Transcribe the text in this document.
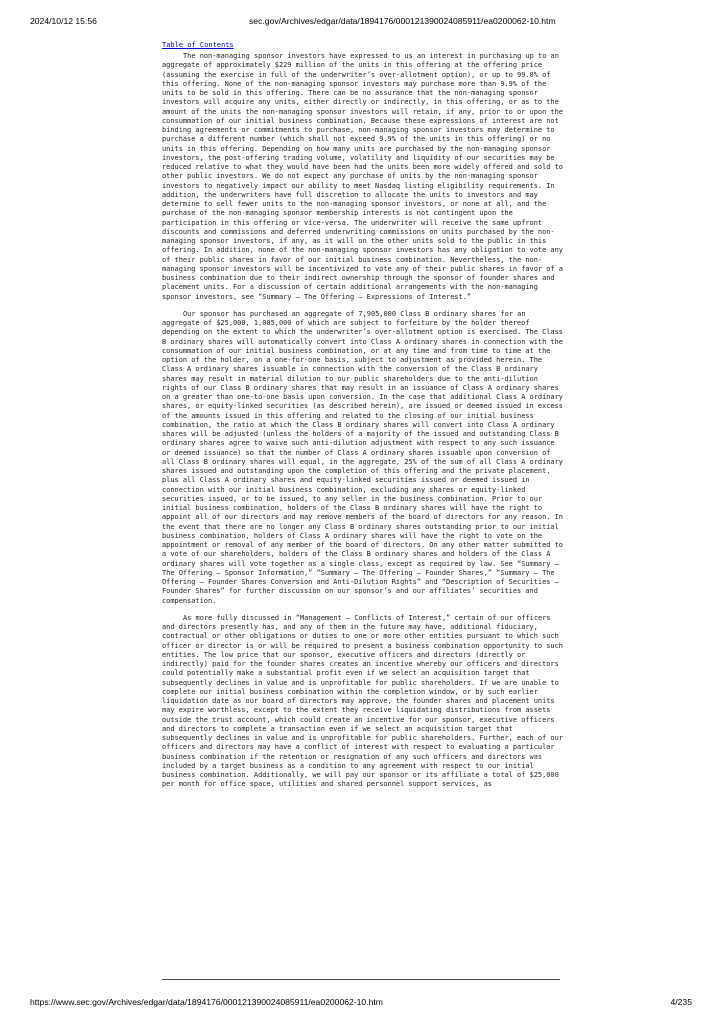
2024/10/12 15:56	sec.gov/Archives/edgar/data/1894176/000121390024085911/ea0200062-10.htm
Table of Contents

The non-managing sponsor investors have expressed to us an interest in purchasing up to an aggregate of approximately $229 million of the units in this offering at the offering price (assuming the exercise in full of the underwriter’s over-allotment option), or up to 99.0% of this offering. None of the non-managing sponsor investors may purchase more than 9.9% of the units to be sold in this offering. There can be no assurance that the non-managing sponsor investors will acquire any units, either directly or indirectly, in this offering, or as to the amount of the units the non-managing sponsor investors will retain, if any, prior to or upon the consummation of our initial business combination. Because these expressions of interest are not binding agreements or commitments to purchase, non-managing sponsor investors may determine to purchase a different number (which shall not exceed 9.9% of the units in this offering) or no units in this offering. Depending on how many units are purchased by the non-managing sponsor investors, the post-offering trading volume, volatility and liquidity of our securities may be reduced relative to what they would have been had the units been more widely offered and sold to other public investors. We do not expect any purchase of units by the non-managing sponsor investors to negatively impact our ability to meet Nasdaq listing eligibility requirements. In addition, the underwriters have full discretion to allocate the units to investors and may determine to sell fewer units to the non-managing sponsor investors, or none at all, and the purchase of the non-managing sponsor membership interests is not contingent upon the participation in this offering or vice-versa. The underwriter will receive the same upfront discounts and commissions and deferred underwriting commissions on units purchased by the non-managing sponsor investors, if any, as it will on the other units sold to the public in this offering. In addition, none of the non-managing sponsor investors has any obligation to vote any of their public shares in favor of our initial business combination. Nevertheless, the non-managing sponsor investors will be incentivized to vote any of their public shares in favor of a business combination due to their indirect ownership through the sponsor of founder shares and placement units. For a discussion of certain additional arrangements with the non-managing sponsor investors, see “Summary — The Offering — Expressions of Interest.”

Our sponsor has purchased an aggregate of 7,905,000 Class B ordinary shares for an aggregate of $25,000, 1,005,000 of which are subject to forfeiture by the holder thereof depending on the extent to which the underwriter’s over-allotment option is exercised. The Class B ordinary shares will automatically convert into Class A ordinary shares in connection with the consummation of our initial business combination, or at any time and from time to time at the option of the holder, on a one-for-one basis, subject to adjustment as provided herein. The Class A ordinary shares issuable in connection with the conversion of the Class B ordinary shares may result in material dilution to our public shareholders due to the anti-dilution rights of our Class B ordinary shares that may result in an issuance of Class A ordinary shares on a greater than one-to-one basis upon conversion. In the case that additional Class A ordinary shares, or equity-linked securities (as described herein), are issued or deemed issued in excess of the amounts issued in this offering and related to the closing of our initial business combination, the ratio at which the Class B ordinary shares will convert into Class A ordinary shares will be adjusted (unless the holders of a majority of the issued and outstanding Class B ordinary shares agree to waive such anti-dilution adjustment with respect to any such issuance or deemed issuance) so that the number of Class A ordinary shares issuable upon conversion of all Class B ordinary shares will equal, in the aggregate, 25% of the sum of all Class A ordinary shares issued and outstanding upon the completion of this offering and the private placement, plus all Class A ordinary shares and equity-linked securities issued or deemed issued in connection with our initial business combination, excluding any shares or equity-linked securities issued, or to be issued, to any seller in the business combination. Prior to our initial business combination, holders of the Class B ordinary shares will have the right to appoint all of our directors and may remove members of the board of directors for any reason. In the event that there are no longer any Class B ordinary shares outstanding prior to our initial business combination, holders of Class A ordinary shares will have the right to vote on the appointment or removal of any member of the board of directors. On any other matter submitted to a vote of our shareholders, holders of the Class B ordinary shares and holders of the Class A ordinary shares will vote together as a single class, except as required by law. See “Summary — The Offering — Sponsor Information,” “Summary — The Offering — Founder Shares,” “Summary — The Offering — Founder Shares Conversion and Anti-Dilution Rights” and “Description of Securities — Founder Shares” for further discussion on our sponsor’s and our affiliates’ securities and compensation.

As more fully discussed in “Management — Conflicts of Interest,” certain of our officers and directors presently has, and any of them in the future may have, additional fiduciary, contractual or other obligations or duties to one or more other entities pursuant to which such officer or director is or will be required to present a business combination opportunity to such entities. The low price that our sponsor, executive officers and directors (directly or indirectly) paid for the founder shares creates an incentive whereby our officers and directors could potentially make a substantial profit even if we select an acquisition target that subsequently declines in value and is unprofitable for public shareholders. If we are unable to complete our initial business combination within the completion window, or by such earlier liquidation date as our board of directors may approve, the founder shares and placement units may expire worthless, except to the extent they receive liquidating distributions from assets outside the trust account, which could create an incentive for our sponsor, executive officers and directors to complete a transaction even if we select an acquisition target that subsequently declines in value and is unprofitable for public shareholders. Further, each of our officers and directors may have a conflict of interest with respect to evaluating a particular business combination if the retention or resignation of any such officers and directors was included by a target business as a condition to any agreement with respect to our initial business combination. Additionally, we will pay our sponsor or its affiliate a total of $25,000 per month for office space, utilities and shared personnel support services, as

https://www.sec.gov/Archives/edgar/data/1894176/000121390024085911/ea0200062-10.htm	4/235
